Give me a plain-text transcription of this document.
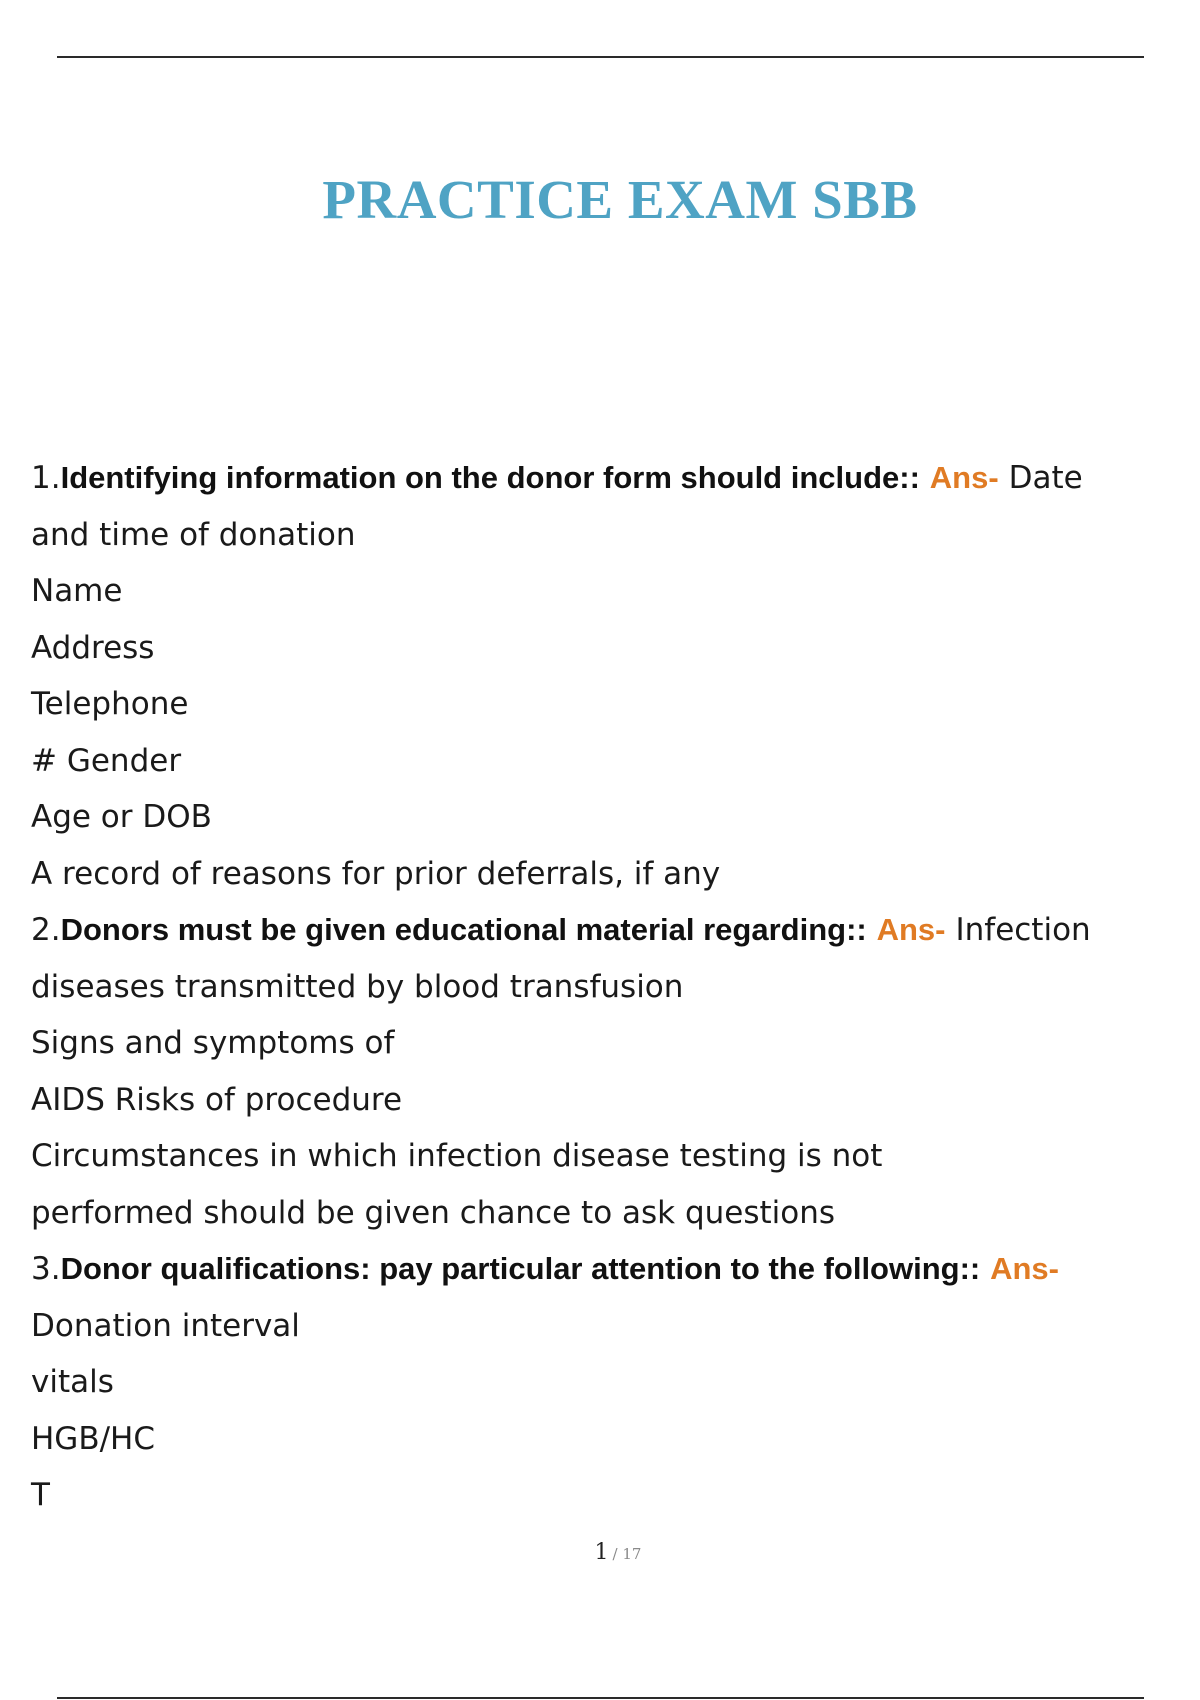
PRACTICE EXAM SBB
1.Identifying information on the donor form should include:: Ans- Date
and time of donation
Name
Address
Telephone
# Gender
Age or DOB
A record of reasons for prior deferrals, if any
2.Donors must be given educational material regarding:: Ans- Infection
diseases transmitted by blood transfusion
Signs and symptoms of
AIDS Risks of procedure
Circumstances in which infection disease testing is not
performed should be given chance to ask questions
3.Donor qualifications: pay particular attention to the following:: Ans-
Donation interval
vitals
HGB/HC
T
1 / 17
